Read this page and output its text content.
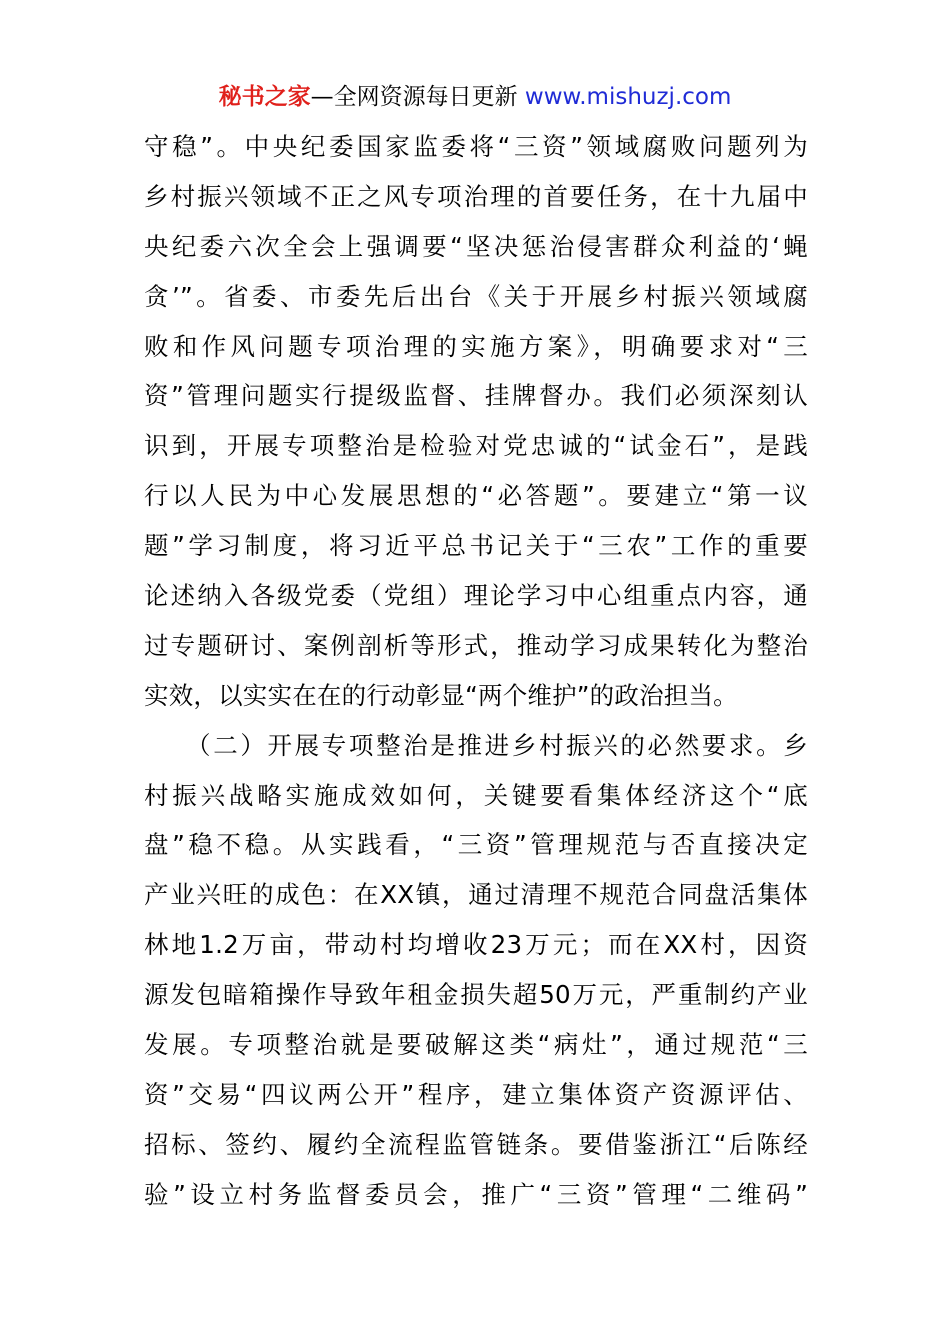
秘书之家—全网资源每日更新 www.mishuzj.com
守稳”。中央纪委国家监委将“三资”领域腐败问题列为
乡村振兴领域不正之风专项治理的首要任务，在十九届中
央纪委六次全会上强调要“坚决惩治侵害群众利益的‘蝇
贪’”。省委、市委先后出台《关于开展乡村振兴领域腐
败和作风问题专项治理的实施方案》，明确要求对“三
资”管理问题实行提级监督、挂牌督办。我们必须深刻认
识到，开展专项整治是检验对党忠诚的“试金石”，是践
行以人民为中心发展思想的“必答题”。要建立“第一议
题”学习制度，将习近平总书记关于“三农”工作的重要
论述纳入各级党委（党组）理论学习中心组重点内容，通
过专题研讨、案例剖析等形式，推动学习成果转化为整治
实效，以实实在在的行动彰显“两个维护”的政治担当。
　　（二）开展专项整治是推进乡村振兴的必然要求。乡
村振兴战略实施成效如何，关键要看集体经济这个“底
盘”稳不稳。从实践看，“三资”管理规范与否直接决定
产业兴旺的成色：在XX镇，通过清理不规范合同盘活集体
林地1.2万亩，带动村均增收23万元；而在XX村，因资
源发包暗箱操作导致年租金损失超50万元，严重制约产业
发展。专项整治就是要破解这类“病灶”，通过规范“三
资”交易“四议两公开”程序，建立集体资产资源评估、
招标、签约、履约全流程监管链条。要借鉴浙江“后陈经
验”设立村务监督委员会，推广“三资”管理“二维码”
